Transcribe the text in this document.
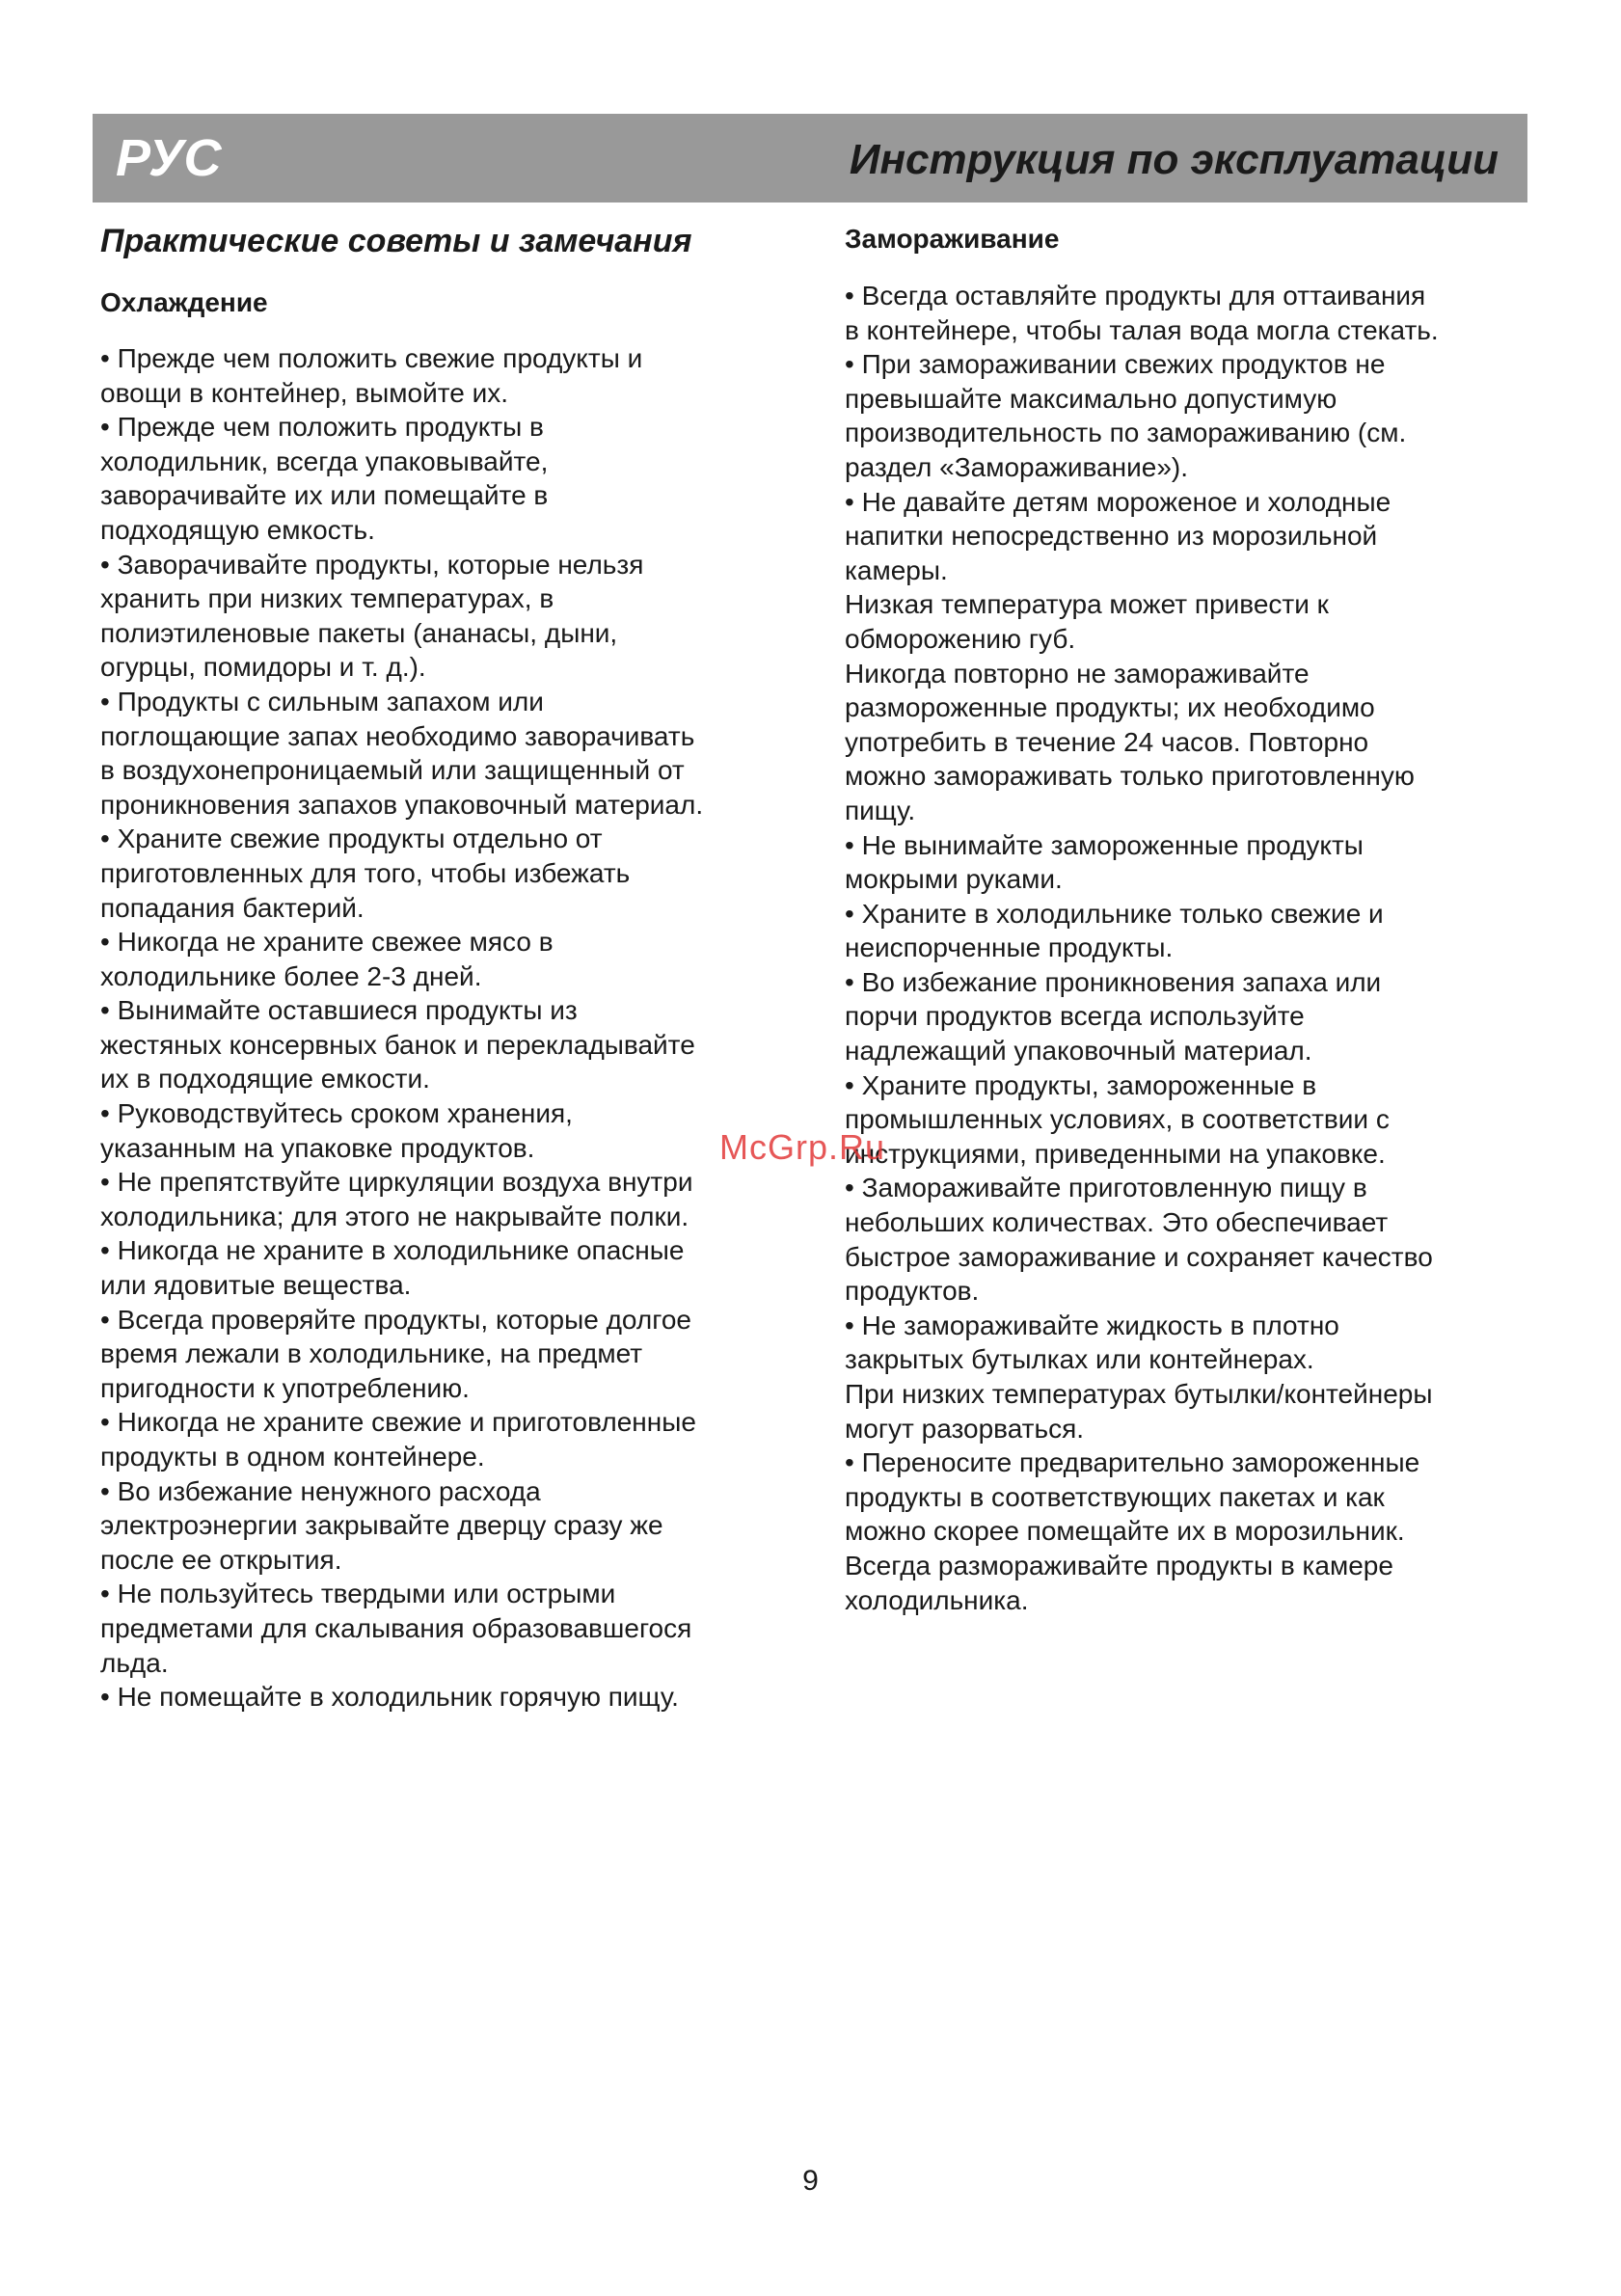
РУС	Инструкция по эксплуатации
Практические советы и замечания
Охлаждение
• Прежде чем положить свежие продукты и
овощи в контейнер, вымойте их.
• Прежде чем положить продукты в
холодильник, всегда упаковывайте,
заворачивайте их или помещайте в
подходящую емкость.
• Заворачивайте продукты, которые нельзя
хранить при низких температурах, в
полиэтиленовые пакеты (ананасы, дыни,
огурцы, помидоры и т. д.).
• Продукты с сильным запахом или
поглощающие запах необходимо заворачивать
в воздухонепроницаемый или защищенный от
проникновения запахов упаковочный материал.
• Храните свежие продукты отдельно от
приготовленных для того, чтобы избежать
попадания бактерий.
• Никогда не храните свежее мясо в
холодильнике более 2-3 дней.
• Вынимайте оставшиеся продукты из
жестяных консервных банок и перекладывайте
их в подходящие емкости.
• Руководствуйтесь сроком хранения,
указанным на упаковке продуктов.
• Не препятствуйте циркуляции воздуха внутри
холодильника; для этого не накрывайте полки.
• Никогда не храните в холодильнике опасные
или ядовитые вещества.
• Всегда проверяйте продукты, которые долгое
время лежали в холодильнике, на предмет
пригодности к употреблению.
• Никогда не храните свежие и приготовленные
продукты в одном контейнере.
• Во избежание ненужного расхода
электроэнергии закрывайте дверцу сразу же
после ее открытия.
• Не пользуйтесь твердыми или острыми
предметами для скалывания образовавшегося
льда.
• Не помещайте в холодильник горячую пищу.
Замораживание
• Всегда оставляйте продукты для оттаивания
в контейнере, чтобы талая вода могла стекать.
• При замораживании свежих продуктов не
превышайте максимально допустимую
производительность по замораживанию (см.
раздел «Замораживание»).
• Не давайте детям мороженое и холодные
напитки непосредственно из морозильной
камеры.
Низкая температура может привести к
обморожению губ.
Никогда повторно не замораживайте
размороженные продукты; их необходимо
употребить в течение 24 часов. Повторно
можно замораживать только приготовленную
пищу.
• Не вынимайте замороженные продукты
мокрыми руками.
• Храните в холодильнике только свежие и
неиспорченные продукты.
• Во избежание проникновения запаха или
порчи продуктов всегда используйте
надлежащий упаковочный материал.
• Храните продукты, замороженные в
промышленных условиях, в соответствии с
инструкциями, приведенными на упаковке.
• Замораживайте приготовленную пищу в
небольших количествах. Это обеспечивает
быстрое замораживание и сохраняет качество
продуктов.
• Не замораживайте жидкость в плотно
закрытых бутылках или контейнерах.
При низких температурах бутылки/контейнеры
могут разорваться.
• Переносите предварительно замороженные
продукты в соответствующих пакетах и как
можно скорее помещайте их в морозильник.
Всегда размораживайте продукты в камере
холодильника.
McGrp.Ru
9
